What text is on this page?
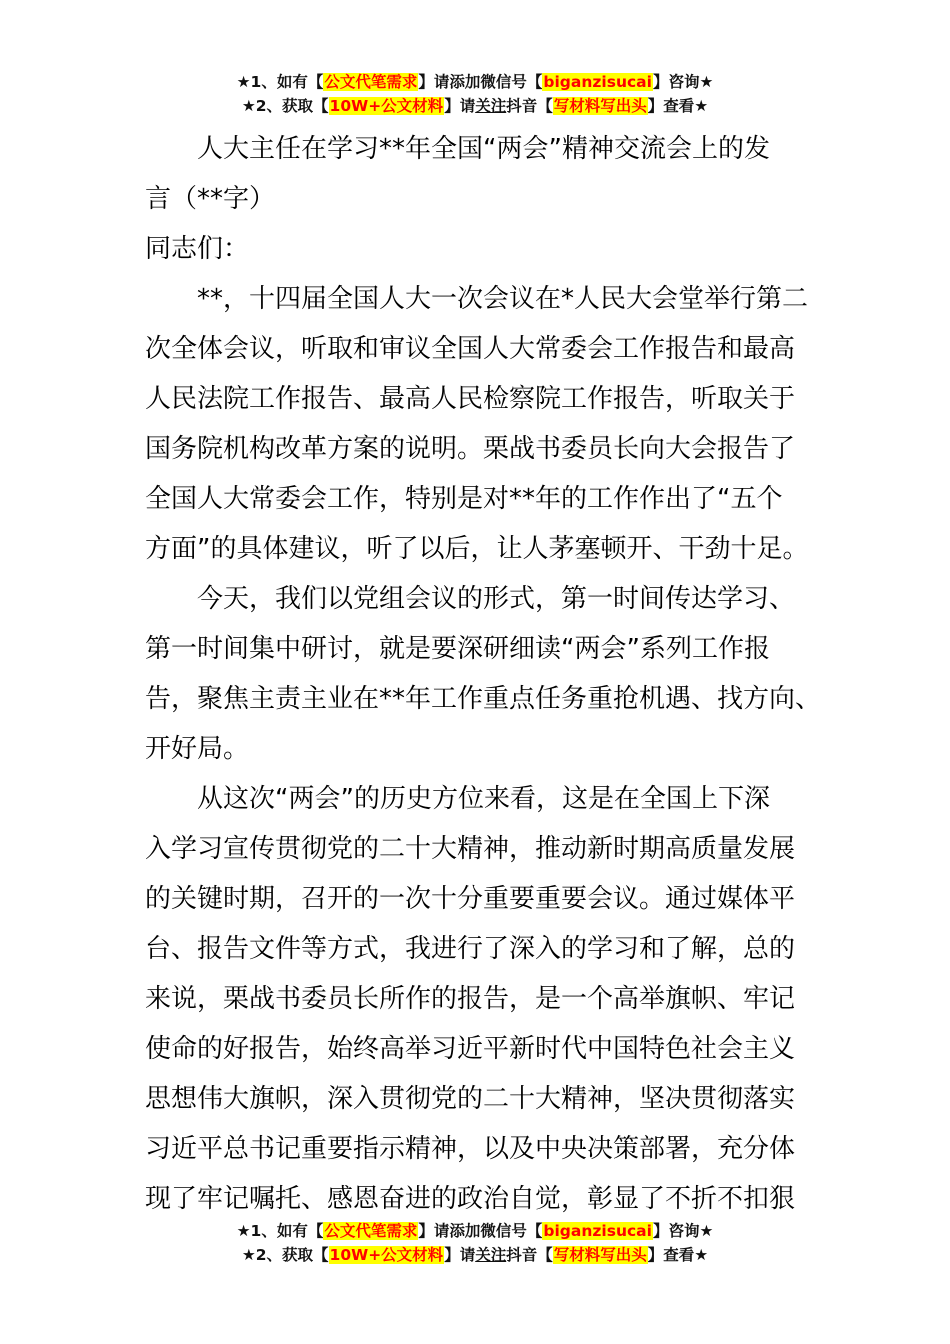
★1、如有【公文代笔需求】请添加微信号【biganzisucai】咨询★
★2、获取【10W+公文材料】请关注抖音【写材料写出头】查看★
人大主任在学习**年全国“两会”精神交流会上的发
言（**字）
同志们：
**，十四届全国人大一次会议在*人民大会堂举行第二
次全体会议，听取和审议全国人大常委会工作报告和最高
人民法院工作报告、最高人民检察院工作报告，听取关于
国务院机构改革方案的说明。栗战书委员长向大会报告了
全国人大常委会工作，特别是对**年的工作作出了“五个
方面”的具体建议，听了以后，让人茅塞顿开、干劲十足。
今天，我们以党组会议的形式，第一时间传达学习、
第一时间集中研讨，就是要深研细读“两会”系列工作报
告，聚焦主责主业在**年工作重点任务重抢机遇、找方向、
开好局。
从这次“两会”的历史方位来看，这是在全国上下深
入学习宣传贯彻党的二十大精神，推动新时期高质量发展
的关键时期，召开的一次十分重要重要会议。通过媒体平
台、报告文件等方式，我进行了深入的学习和了解，总的
来说，栗战书委员长所作的报告，是一个高举旗帜、牢记
使命的好报告，始终高举习近平新时代中国特色社会主义
思想伟大旗帜，深入贯彻党的二十大精神，坚决贯彻落实
习近平总书记重要指示精神，以及中央决策部署，充分体
现了牢记嘱托、感恩奋进的政治自觉，彰显了不折不扣狠
★1、如有【公文代笔需求】请添加微信号【biganzisucai】咨询★
★2、获取【10W+公文材料】请关注抖音【写材料写出头】查看★
